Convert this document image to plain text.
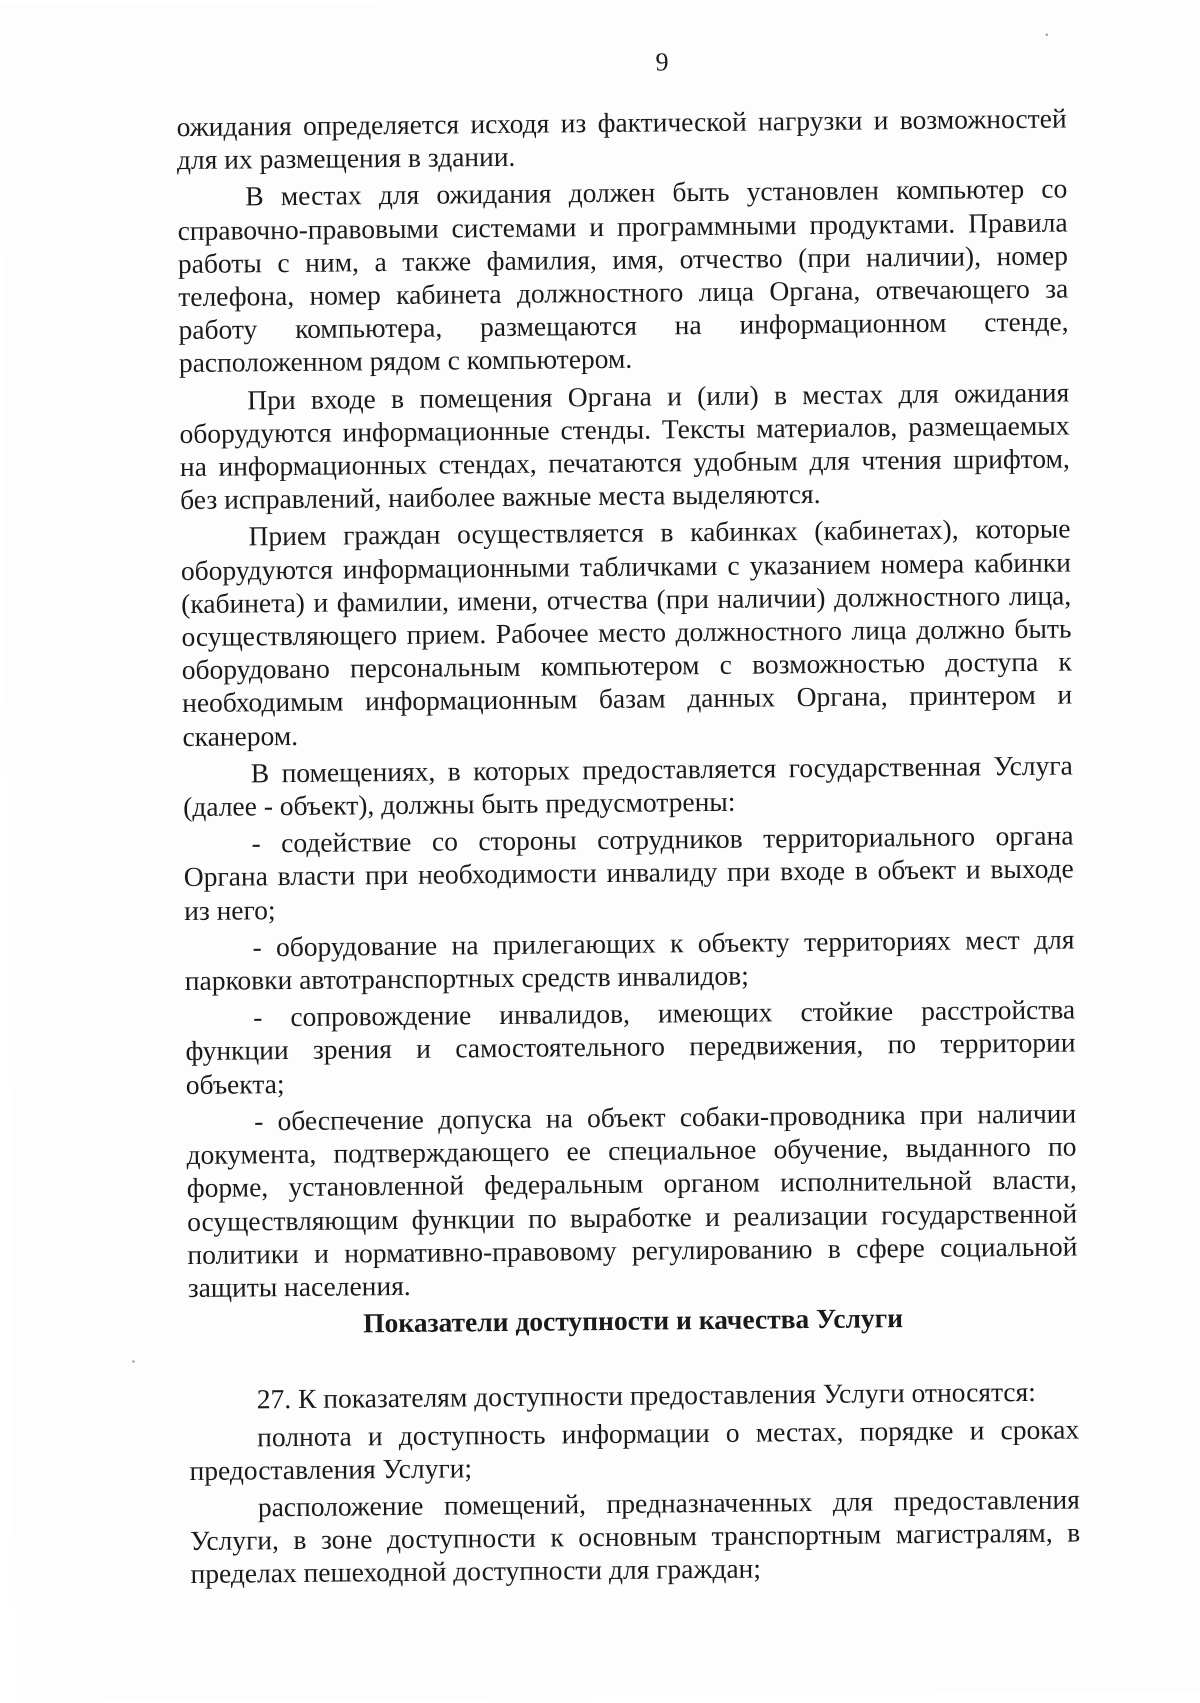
9

ожидания определяется исходя из фактической нагрузки и возможностей для их размещения в здании.

В местах для ожидания должен быть установлен компьютер со справочно-правовыми системами и программными продуктами. Правила работы с ним, а также фамилия, имя, отчество (при наличии), номер телефона, номер кабинета должностного лица Органа, отвечающего за работу компьютера, размещаются на информационном стенде, расположенном рядом с компьютером.

При входе в помещения Органа и (или) в местах для ожидания оборудуются информационные стенды. Тексты материалов, размещаемых на информационных стендах, печатаются удобным для чтения шрифтом, без исправлений, наиболее важные места выделяются.

Прием граждан осуществляется в кабинках (кабинетах), которые оборудуются информационными табличками с указанием номера кабинки (кабинета) и фамилии, имени, отчества (при наличии) должностного лица, осуществляющего прием. Рабочее место должностного лица должно быть оборудовано персональным компьютером с возможностью доступа к необходимым информационным базам данных Органа, принтером и сканером.

В помещениях, в которых предоставляется государственная Услуга (далее - объект), должны быть предусмотрены:

- содействие со стороны сотрудников территориального органа Органа власти при необходимости инвалиду при входе в объект и выходе из него;

- оборудование на прилегающих к объекту территориях мест для парковки автотранспортных средств инвалидов;

- сопровождение инвалидов, имеющих стойкие расстройства функции зрения и самостоятельного передвижения, по территории объекта;

- обеспечение допуска на объект собаки-проводника при наличии документа, подтверждающего ее специальное обучение, выданного по форме, установленной федеральным органом исполнительной власти, осуществляющим функции по выработке и реализации государственной политики и нормативно-правовому регулированию в сфере социальной защиты населения.

Показатели доступности и качества Услуги

27. К показателям доступности предоставления Услуги относятся:

полнота и доступность информации о местах, порядке и сроках предоставления Услуги;

расположение помещений, предназначенных для предоставления Услуги, в зоне доступности к основным транспортным магистралям, в пределах пешеходной доступности для граждан;
